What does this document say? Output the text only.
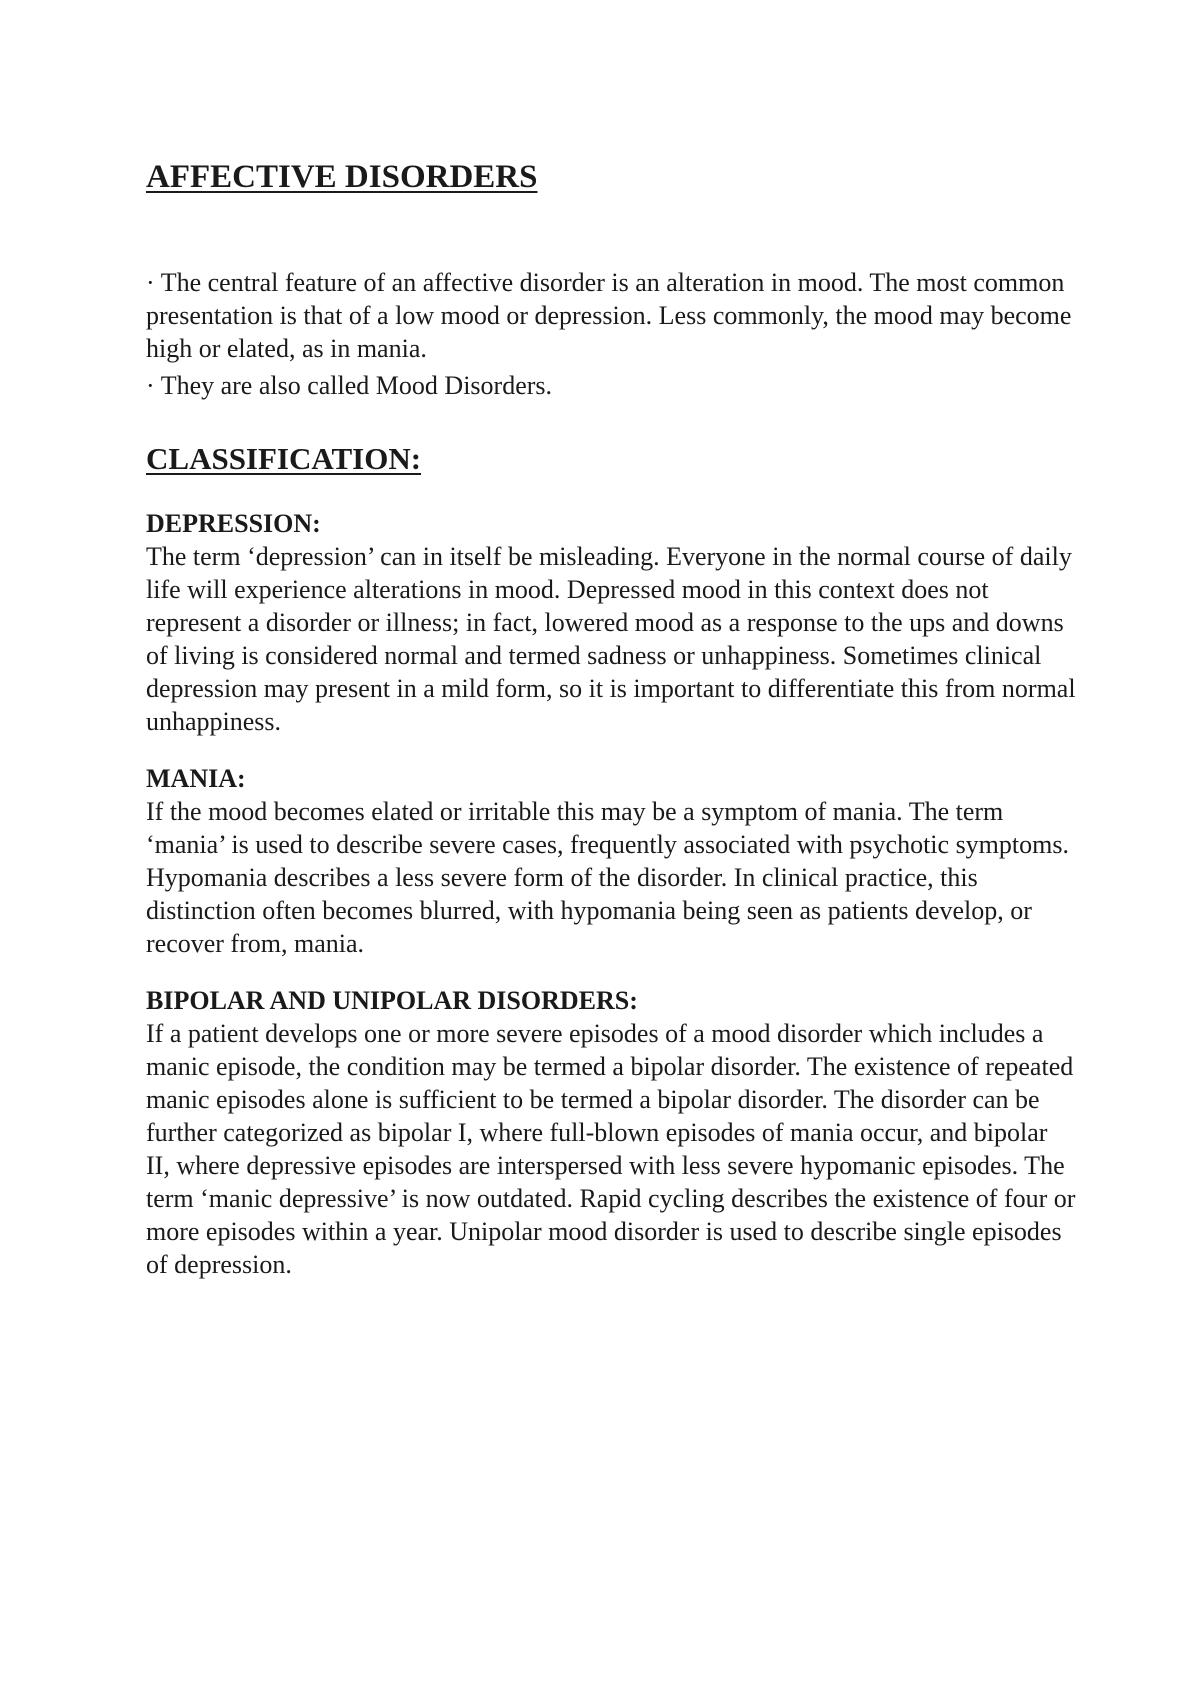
AFFECTIVE DISORDERS

· The central feature of an affective disorder is an alteration in mood. The most common presentation is that of a low mood or depression. Less commonly, the mood may become high or elated, as in mania.

· They are also called Mood Disorders.

CLASSIFICATION:
DEPRESSION:

The term ‘depression’ can in itself be misleading. Everyone in the normal course of daily life will experience alterations in mood. Depressed mood in this context does not represent a disorder or illness; in fact, lowered mood as a response to the ups and downs of living is considered normal and termed sadness or unhappiness. Sometimes clinical depression may present in a mild form, so it is important to differentiate this from normal unhappiness.

MANIA:

If the mood becomes elated or irritable this may be a symptom of mania. The term ‘mania’ is used to describe severe cases, frequently associated with psychotic symptoms. Hypomania describes a less severe form of the disorder. In clinical practice, this distinction often becomes blurred, with hypomania being seen as patients develop, or recover from, mania.

BIPOLAR AND UNIPOLAR DISORDERS:

If a patient develops one or more severe episodes of a mood disorder which includes a manic episode, the condition may be termed a bipolar disorder. The existence of repeated manic episodes alone is sufficient to be termed a bipolar disorder. The disorder can be further categorized as bipolar I, where full-blown episodes of mania occur, and bipolar II, where depressive episodes are interspersed with less severe hypomanic episodes. The term ‘manic depressive’ is now outdated. Rapid cycling describes the existence of four or more episodes within a year. Unipolar mood disorder is used to describe single episodes of depression.
